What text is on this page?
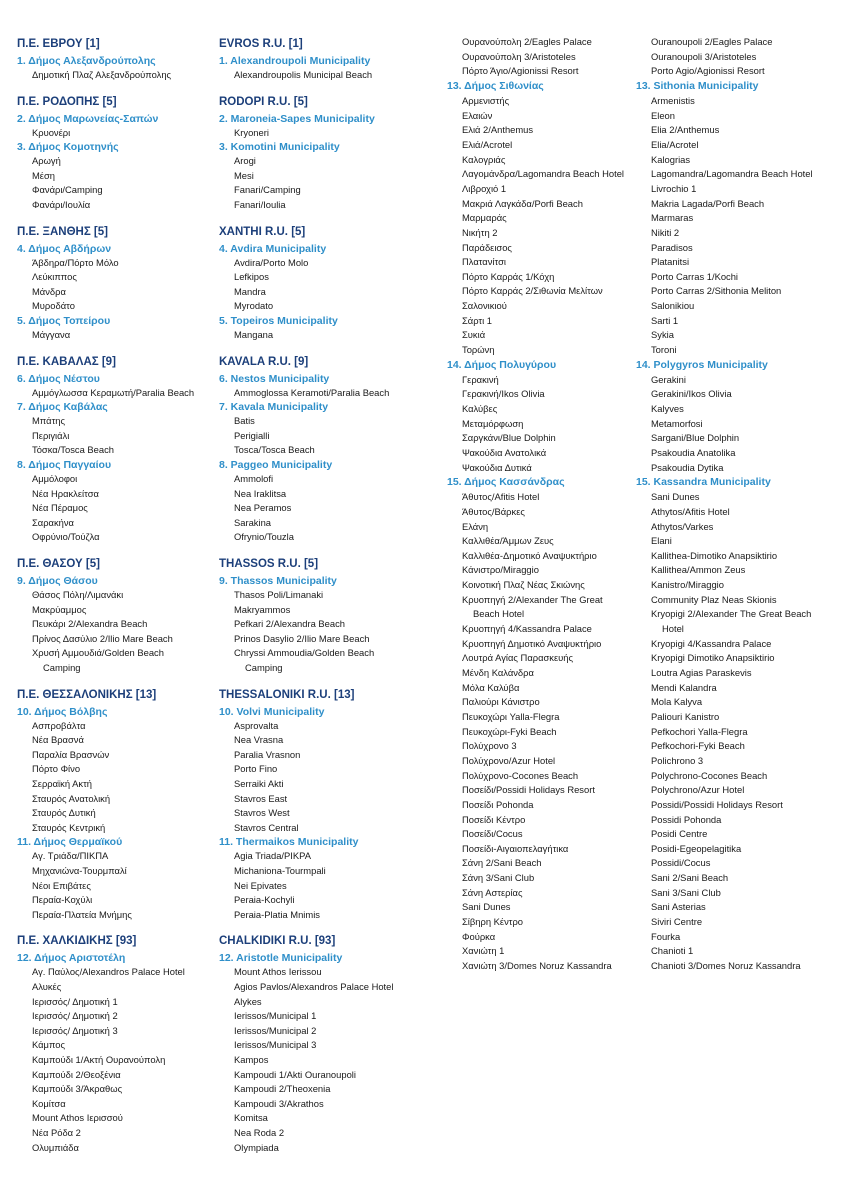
Π.Ε. ΕΒΡΟΥ [1]
1. Δήμος Αλεξανδρούπολης
Δημοτική Πλαζ Αλεξανδρούπολης
Π.Ε. ΡΟΔΟΠΗΣ [5]
2. Δήμος Μαρωνείας-Σαπών
Κρυονέρι
3. Δήμος Κομοτηνής
Αρωγή
Μέση
Φανάρι/Camping
Φανάρι/Ιουλία
Π.Ε. ΞΑΝΘΗΣ [5]
4. Δήμος Αβδήρων
Άβδηρα/Πόρτο Μόλο
Λεύκιππος
Μάνδρα
Μυροδάτο
5. Δήμος Τοπείρου
Μάγγανα
Π.Ε. ΚΑΒΑΛΑΣ [9]
6. Δήμος Νέστου
Αμμόγλωσσα Κεραμωτή/Paralia Beach
7. Δήμος Καβάλας
Μπάτης
Περιγιάλι
Τόσκα/Tosca Beach
8. Δήμος Παγγαίου
Αμμόλοφοι
Νέα Ηρακλείτσα
Νέα Πέραμος
Σαρακήνα
Οφρύνιο/Τούζλα
Π.Ε. ΘΑΣΟΥ [5]
9. Δήμος Θάσου
Θάσος Πόλη/Λιμανάκι
Μακρύαμμος
Πευκάρι 2/Alexandra Beach
Πρίνος Δασύλιο 2/Ilio Mare Beach
Χρυσή Αμμουδιά/Golden Beach
Camping
Π.Ε. ΘΕΣΣΑΛΟΝΙΚΗΣ [13]
10. Δήμος Βόλβης
Ασπροβάλτα
Νέα Βρασνά
Παραλία Βρασνών
Πόρτο Φίνο
Σερραϊκή Ακτή
Σταυρός Ανατολική
Σταυρός Δυτική
Σταυρός Κεντρική
11. Δήμος Θερμαϊκού
Αγ. Τριάδα/ΠΙΚΠΑ
Μηχανιώνα-Τουρμπαλί
Νέοι Επιβάτες
Περαία-Κοχύλι
Περαία-Πλατεία Μνήμης
Π.Ε. ΧΑΛΚΙΔΙΚΗΣ [93]
12. Δήμος Αριστοτέλη
Αγ. Παύλος/Alexandros Palace Hotel
Αλυκές
Ιερισσός/ Δημοτική 1
Ιερισσός/ Δημοτική 2
Ιερισσός/ Δημοτική 3
Κάμπος
Καμπούδι 1/Ακτή Ουρανούπολη
Καμπούδι 2/Θεοξένια
Καμπούδι 3/Άκραθως
Κομίτσα
Mount Athos Ιερισσού
Νέα Ρόδα 2
Ολυμπιάδα
EVROS R.U. [1]
1. Alexandroupoli Municipality
Alexandroupolis Municipal Beach
RODOPI R.U. [5]
2. Maroneia-Sapes Municipality
Kryoneri
3. Komotini Municipality
Arogi
Mesi
Fanari/Camping
Fanari/Ioulia
XANTHI R.U. [5]
4. Avdira Municipality
Avdira/Porto Molo
Lefkipos
Mandra
Myrodato
5. Topeiros Municipality
Mangana
KAVALA R.U. [9]
6. Nestos Municipality
Ammoglossa Keramoti/Paralia Beach
7. Kavala Municipality
Batis
Perigialli
Tosca/Tosca Beach
8. Paggeo Municipality
Ammolofi
Nea Iraklitsa
Nea Peramos
Sarakina
Ofrynio/Touzla
THASSOS R.U. [5]
9. Thassos Municipality
Thasos Poli/Limanaki
Makryammos
Pefkari 2/Alexandra Beach
Prinos Dasylio 2/Ilio Mare Beach
Chryssi Ammoudia/Golden Beach
Camping
THESSALONIKI R.U. [13]
10. Volvi Municipality
Asprovalta
Nea Vrasna
Paralia Vrasnon
Porto Fino
Serraiki Akti
Stavros East
Stavros West
Stavros Central
11. Thermaikos Municipality
Agia Triada/PIKPA
Michaniona-Tourmpali
Nei Epivates
Peraia-Kochyli
Peraia-Platia Mnimis
CHALKIDIKI R.U. [93]
12. Aristotle Municipality
Mount Athos Ierissou
Agios Pavlos/Alexandros Palace Hotel
Alykes
Ierissos/Municipal 1
Ierissos/Municipal 2
Ierissos/Municipal 3
Kampos
Kampoudi 1/Akti Ouranoupoli
Kampoudi 2/Theoxenia
Kampoudi 3/Akrathos
Komitsa
Nea Roda 2
Olympiada
Ουρανούπολη 2/Eagles Palace
Ουρανούπολη 3/Aristoteles
Πόρτο Άγιο/Agionissi Resort
13. Δήμος Σιθωνίας
Αρμενιστής
Ελαιών
Ελιά 2/Anthemus
Ελιά/Acrotel
Καλογριάς
Λαγομάνδρα/Lagomandra Beach Hotel
Λιβροχιό 1
Μακριά Λαγκάδα/Porfi Beach
Μαρμαράς
Νικήτη 2
Παράδεισος
Πλατανίτσι
Πόρτο Καρράς 1/Κόχη
Πόρτο Καρράς 2/Σιθωνία Μελίτων
Σαλονικιού
Σάρτι 1
Συκιά
Τορώνη
14. Δήμος Πολυγύρου
Γερακινή
Γερακινή/Ikos Olivia
Καλύβες
Μεταμόρφωση
Σαργκάνι/Blue Dolphin
Ψακούδια Ανατολικά
Ψακούδια Δυτικά
15. Δήμος Κασσάνδρας
Άθυτος/Afitis Hotel
Άθυτος/Βάρκες
Ελάνη
Καλλιθέα/Άμμων Ζευς
Καλλιθέα-Δημοτικό Αναψυκτήριο
Κάνιστρο/Miraggio
Κοινοτική Πλαζ Νέας Σκιώνης
Κρυοπηγή 2/Alexander The Great
Beach Hotel
Κρυοπηγή 4/Kassandra Palace
Κρυοπηγή Δημοτικό Αναψυκτήριο
Λουτρά Αγίας Παρασκευής
Μένδη Καλάνδρα
Μόλα Καλύβα
Παλιούρι Κάνιστρο
Πευκοχώρι Yalla-Flegra
Πευκοχώρι-Fyki Beach
Πολύχρονο 3
Πολύχρονο/Azur Hotel
Πολύχρονο-Cocones Beach
Ποσείδι/Possidi Holidays Resort
Ποσείδι Pohonda
Ποσείδι Κέντρο
Ποσείδι/Cocus
Ποσείδι-Αιγαιοπελαγήτικα
Σάνη 2/Sani Beach
Σάνη 3/Sani Club
Σάνη Αστερίας
Sani Dunes
Σίβηρη Κέντρο
Φούρκα
Χανιώτη 1
Χανιώτη 3/Domes Noruz Kassandra
Ouranoupoli 2/Eagles Palace
Ouranoupoli 3/Aristoteles
Porto Agio/Agionissi Resort
13. Sithonia Municipality
Armenistis
Eleon
Elia 2/Anthemus
Elia/Acrotel
Kalogrias
Lagomandra/Lagomandra Beach Hotel
Livrochio 1
Makria Lagada/Porfi Beach
Marmaras
Nikiti 2
Paradisos
Platanitsi
Porto Carras 1/Kochi
Porto Carras 2/Sithonia Meliton
Salonikiou
Sarti 1
Sykia
Toroni
14. Polygyros Municipality
Gerakini
Gerakini/Ikos Olivia
Kalyves
Metamorfosi
Sargani/Blue Dolphin
Psakoudia Anatolika
Psakoudia Dytika
15. Kassandra Municipality
Sani Dunes
Athytos/Afitis Hotel
Athytos/Varkes
Elani
Kallithea-Dimotiko Anapsiktirio
Kallithea/Ammon Zeus
Kanistro/Miraggio
Community Plaz Neas Skionis
Kryopigi 2/Alexander The Great Beach
Hotel
Kryopigi 4/Kassandra Palace
Kryopigi Dimotiko Anapsiktirio
Loutra Agias Paraskevis
Mendi Kalandra
Mola Kalyva
Paliouri Kanistro
Pefkochori Yalla-Flegra
Pefkochori-Fyki Beach
Polichrono 3
Polychrono-Cocones Beach
Polychrono/Azur Hotel
Possidi/Possidi Holidays Resort
Possidi Pohonda
Posidi Centre
Posidi-Egeopelagitika
Possidi/Cocus
Sani 2/Sani Beach
Sani 3/Sani Club
Sani Asterias
Siviri Centre
Fourka
Chanioti 1
Chanioti 3/Domes Noruz Kassandra
